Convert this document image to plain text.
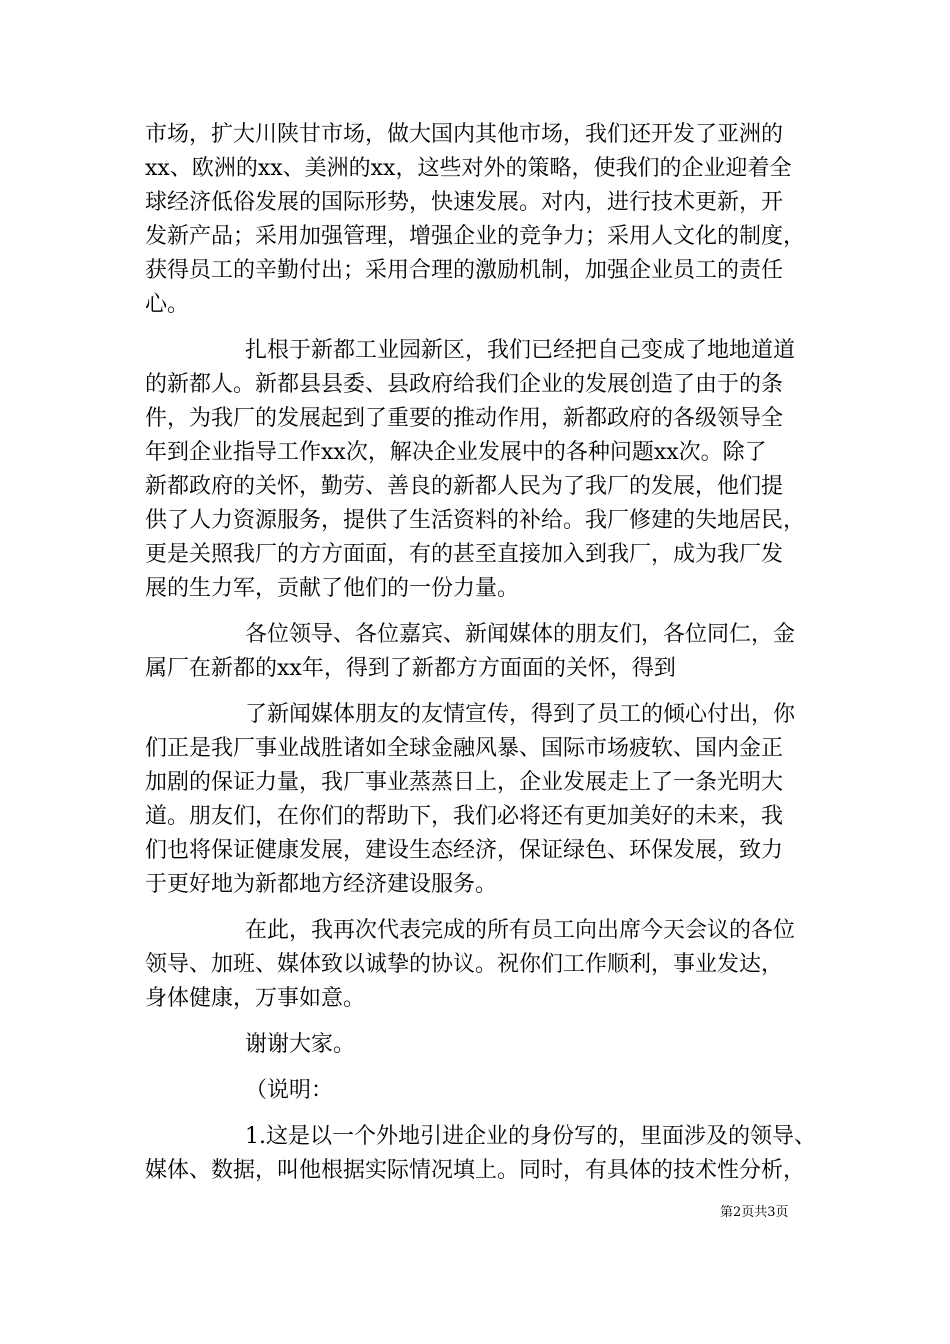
市场，扩大川陕甘市场，做大国内其他市场，我们还开发了亚洲的
xx、欧洲的xx、美洲的xx，这些对外的策略，使我们的企业迎着全
球经济低俗发展的国际形势，快速发展。对内，进行技术更新，开
发新产品；采用加强管理，增强企业的竞争力；采用人文化的制度，
获得员工的辛勤付出；采用合理的激励机制，加强企业员工的责任
心。
扎根于新都工业园新区，我们已经把自己变成了地地道道
的新都人。新都县县委、县政府给我们企业的发展创造了由于的条
件，为我厂的发展起到了重要的推动作用，新都政府的各级领导全
年到企业指导工作xx次，解决企业发展中的各种问题xx次。除了
新都政府的关怀，勤劳、善良的新都人民为了我厂的发展，他们提
供了人力资源服务，提供了生活资料的补给。我厂修建的失地居民，
更是关照我厂的方方面面，有的甚至直接加入到我厂，成为我厂发
展的生力军，贡献了他们的一份力量。
各位领导、各位嘉宾、新闻媒体的朋友们，各位同仁，金
属厂在新都的xx年，得到了新都方方面面的关怀，得到
了新闻媒体朋友的友情宣传，得到了员工的倾心付出，你
们正是我厂事业战胜诸如全球金融风暴、国际市场疲软、国内金正
加剧的保证力量，我厂事业蒸蒸日上，企业发展走上了一条光明大
道。朋友们，在你们的帮助下，我们必将还有更加美好的未来，我
们也将保证健康发展，建设生态经济，保证绿色、环保发展，致力
于更好地为新都地方经济建设服务。
在此，我再次代表完成的所有员工向出席今天会议的各位
领导、加班、媒体致以诚挚的协议。祝你们工作顺利，事业发达，
身体健康，万事如意。
谢谢大家。
（说明：
1.这是以一个外地引进企业的身份写的，里面涉及的领导、
媒体、数据，叫他根据实际情况填上。同时，有具体的技术性分析，
第2页共3页
